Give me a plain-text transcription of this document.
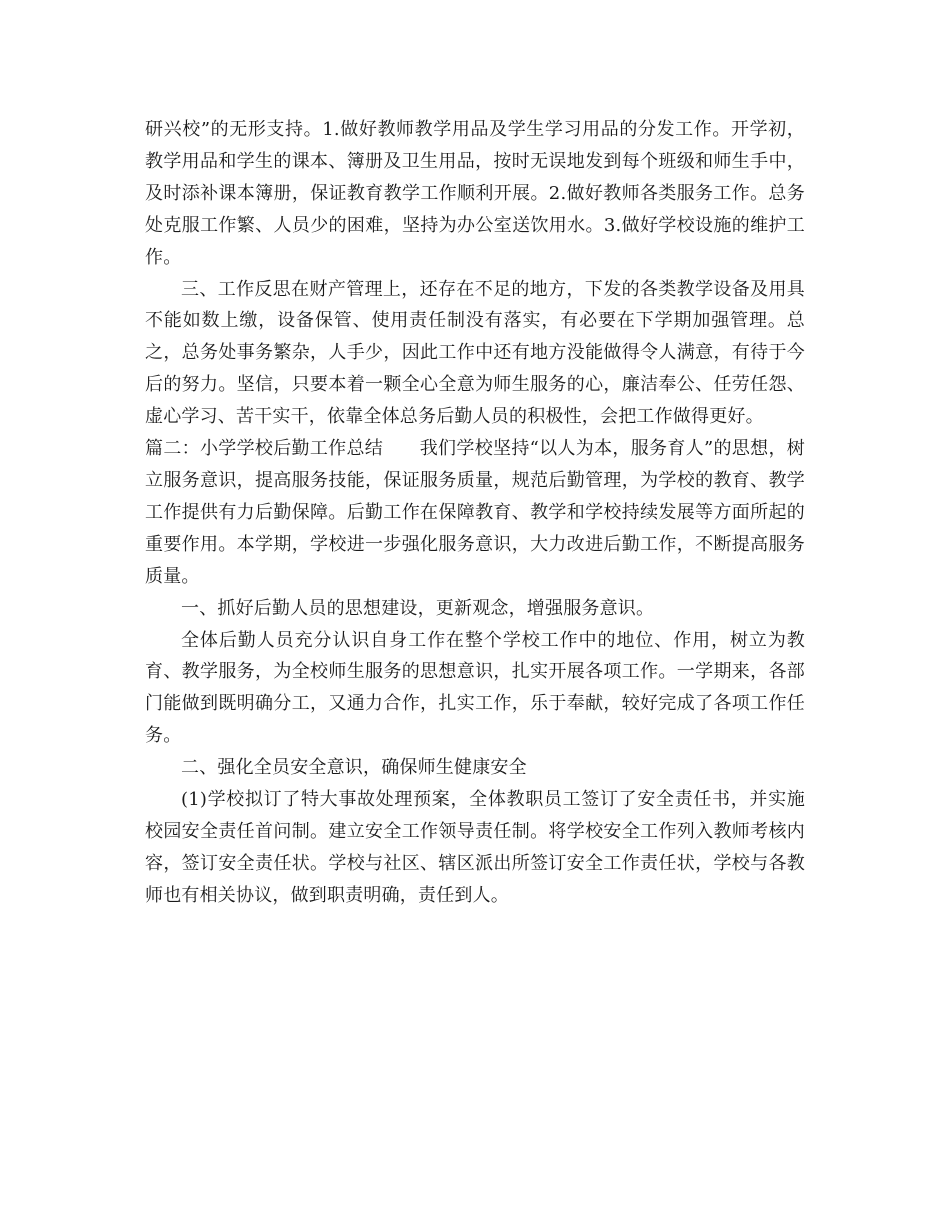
研兴校”的无形支持。1.做好教师教学用品及学生学习用品的分发工作。开学初，教学用品和学生的课本、簿册及卫生用品，按时无误地发到每个班级和师生手中，及时添补课本簿册，保证教育教学工作顺利开展。2.做好教师各类服务工作。总务处克服工作繁、人员少的困难，坚持为办公室送饮用水。3.做好学校设施的维护工作。

三、工作反思在财产管理上，还存在不足的地方，下发的各类教学设备及用具不能如数上缴，设备保管、使用责任制没有落实，有必要在下学期加强管理。总之，总务处事务繁杂，人手少，因此工作中还有地方没能做得令人满意，有待于今后的努力。坚信，只要本着一颗全心全意为师生服务的心，廉洁奉公、任劳任怨、虚心学习、苦干实干，依靠全体总务后勤人员的积极性，会把工作做得更好。

篇二：小学学校后勤工作总结　　我们学校坚持“以人为本，服务育人”的思想，树立服务意识，提高服务技能，保证服务质量，规范后勤管理，为学校的教育、教学工作提供有力后勤保障。后勤工作在保障教育、教学和学校持续发展等方面所起的重要作用。本学期，学校进一步强化服务意识，大力改进后勤工作，不断提高服务质量。

一、抓好后勤人员的思想建设，更新观念，增强服务意识。

全体后勤人员充分认识自身工作在整个学校工作中的地位、作用，树立为教育、教学服务，为全校师生服务的思想意识，扎实开展各项工作。一学期来，各部门能做到既明确分工，又通力合作，扎实工作，乐于奉献，较好完成了各项工作任务。

二、强化全员安全意识，确保师生健康安全

(1)学校拟订了特大事故处理预案，全体教职员工签订了安全责任书，并实施校园安全责任首问制。建立安全工作领导责任制。将学校安全工作列入教师考核内容，签订安全责任状。学校与社区、辖区派出所签订安全工作责任状，学校与各教师也有相关协议，做到职责明确，责任到人。
